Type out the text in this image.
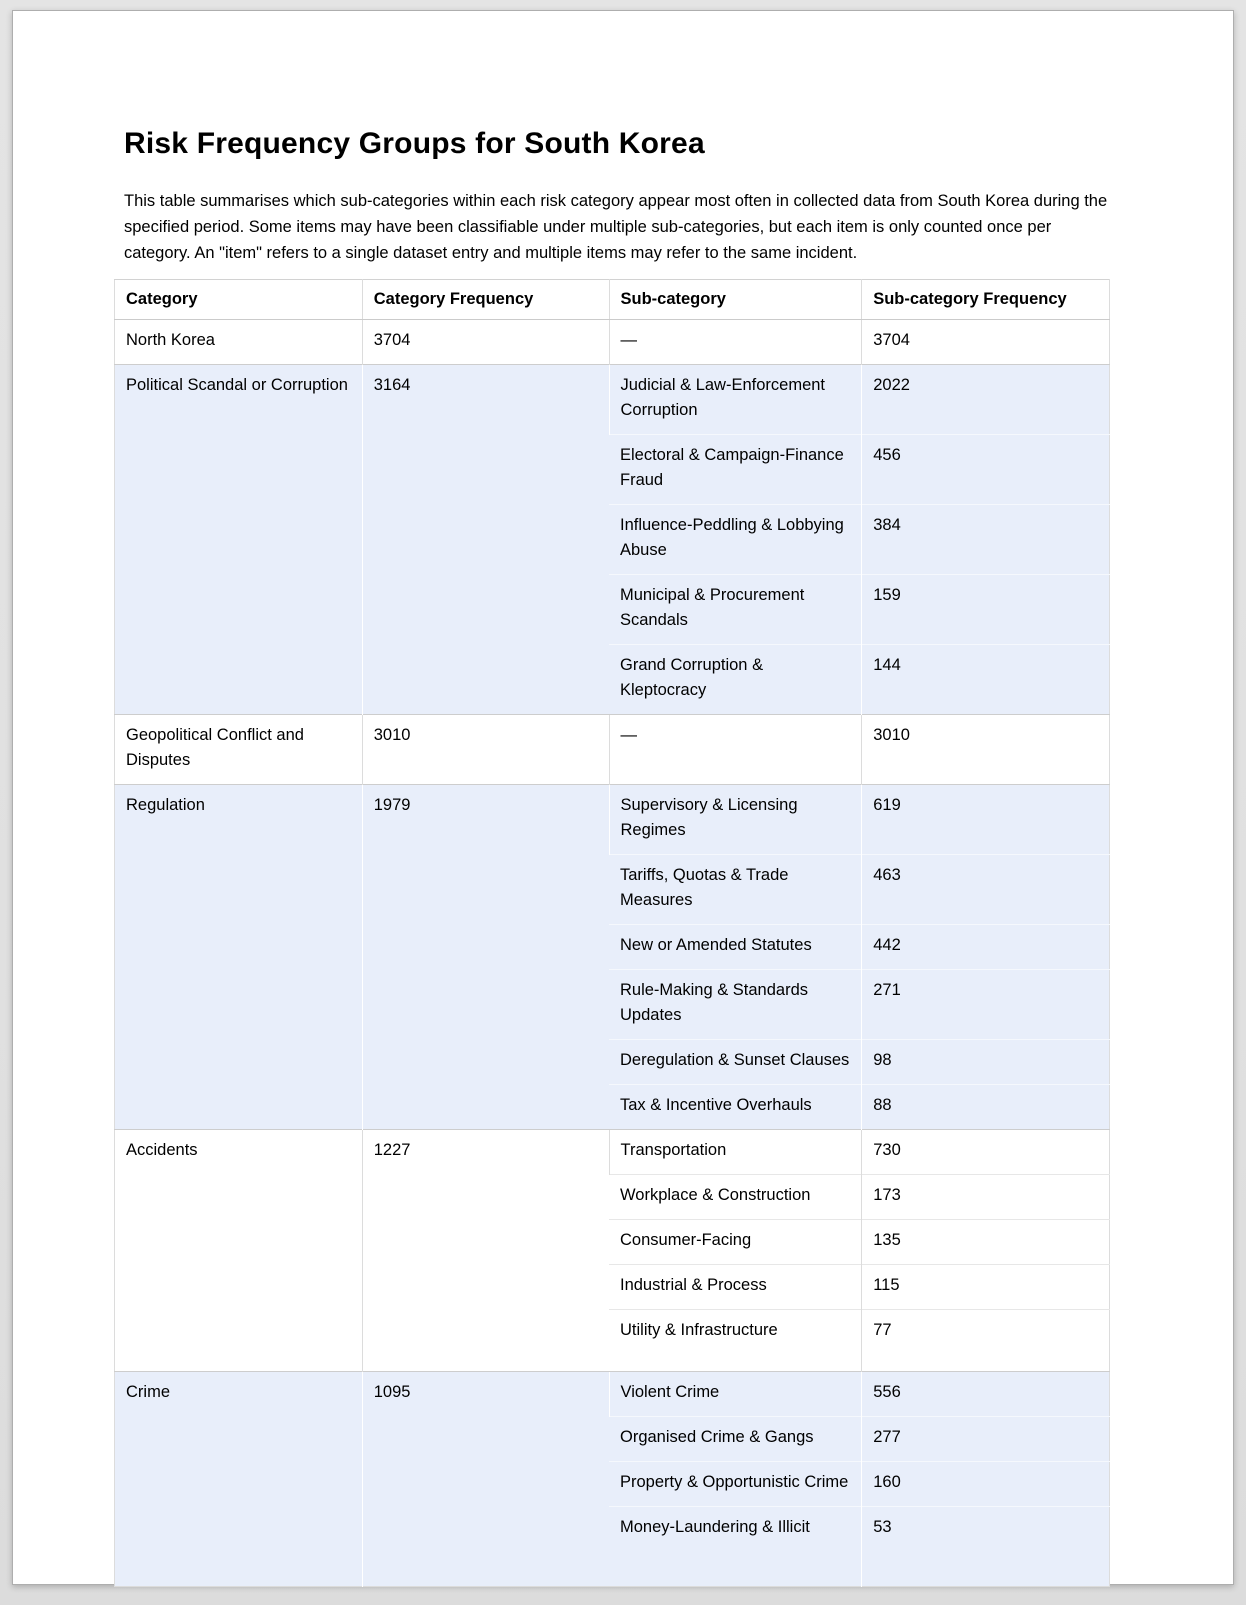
Risk Frequency Groups for South Korea

This table summarises which sub-categories within each risk category appear most often in collected data from South Korea during the specified period. Some items may have been classifiable under multiple sub-categories, but each item is only counted once per category. An "item" refers to a single dataset entry and multiple items may refer to the same incident.

Category	Category Frequency	Sub-category	Sub-category Frequency
North Korea	3704	—	3704
Political Scandal or Corruption	3164	Judicial & Law-Enforcement Corruption	2022
		Electoral & Campaign-Finance Fraud	456
		Influence-Peddling & Lobbying Abuse	384
		Municipal & Procurement Scandals	159
		Grand Corruption & Kleptocracy	144
Geopolitical Conflict and Disputes	3010	—	3010
Regulation	1979	Supervisory & Licensing Regimes	619
		Tariffs, Quotas & Trade Measures	463
		New or Amended Statutes	442
		Rule-Making & Standards Updates	271
		Deregulation & Sunset Clauses	98
		Tax & Incentive Overhauls	88
Accidents	1227	Transportation	730
		Workplace & Construction	173
		Consumer-Facing	135
		Industrial & Process	115
		Utility & Infrastructure	77
Crime	1095	Violent Crime	556
		Organised Crime & Gangs	277
		Property & Opportunistic Crime	160
		Money-Laundering & Illicit	53
